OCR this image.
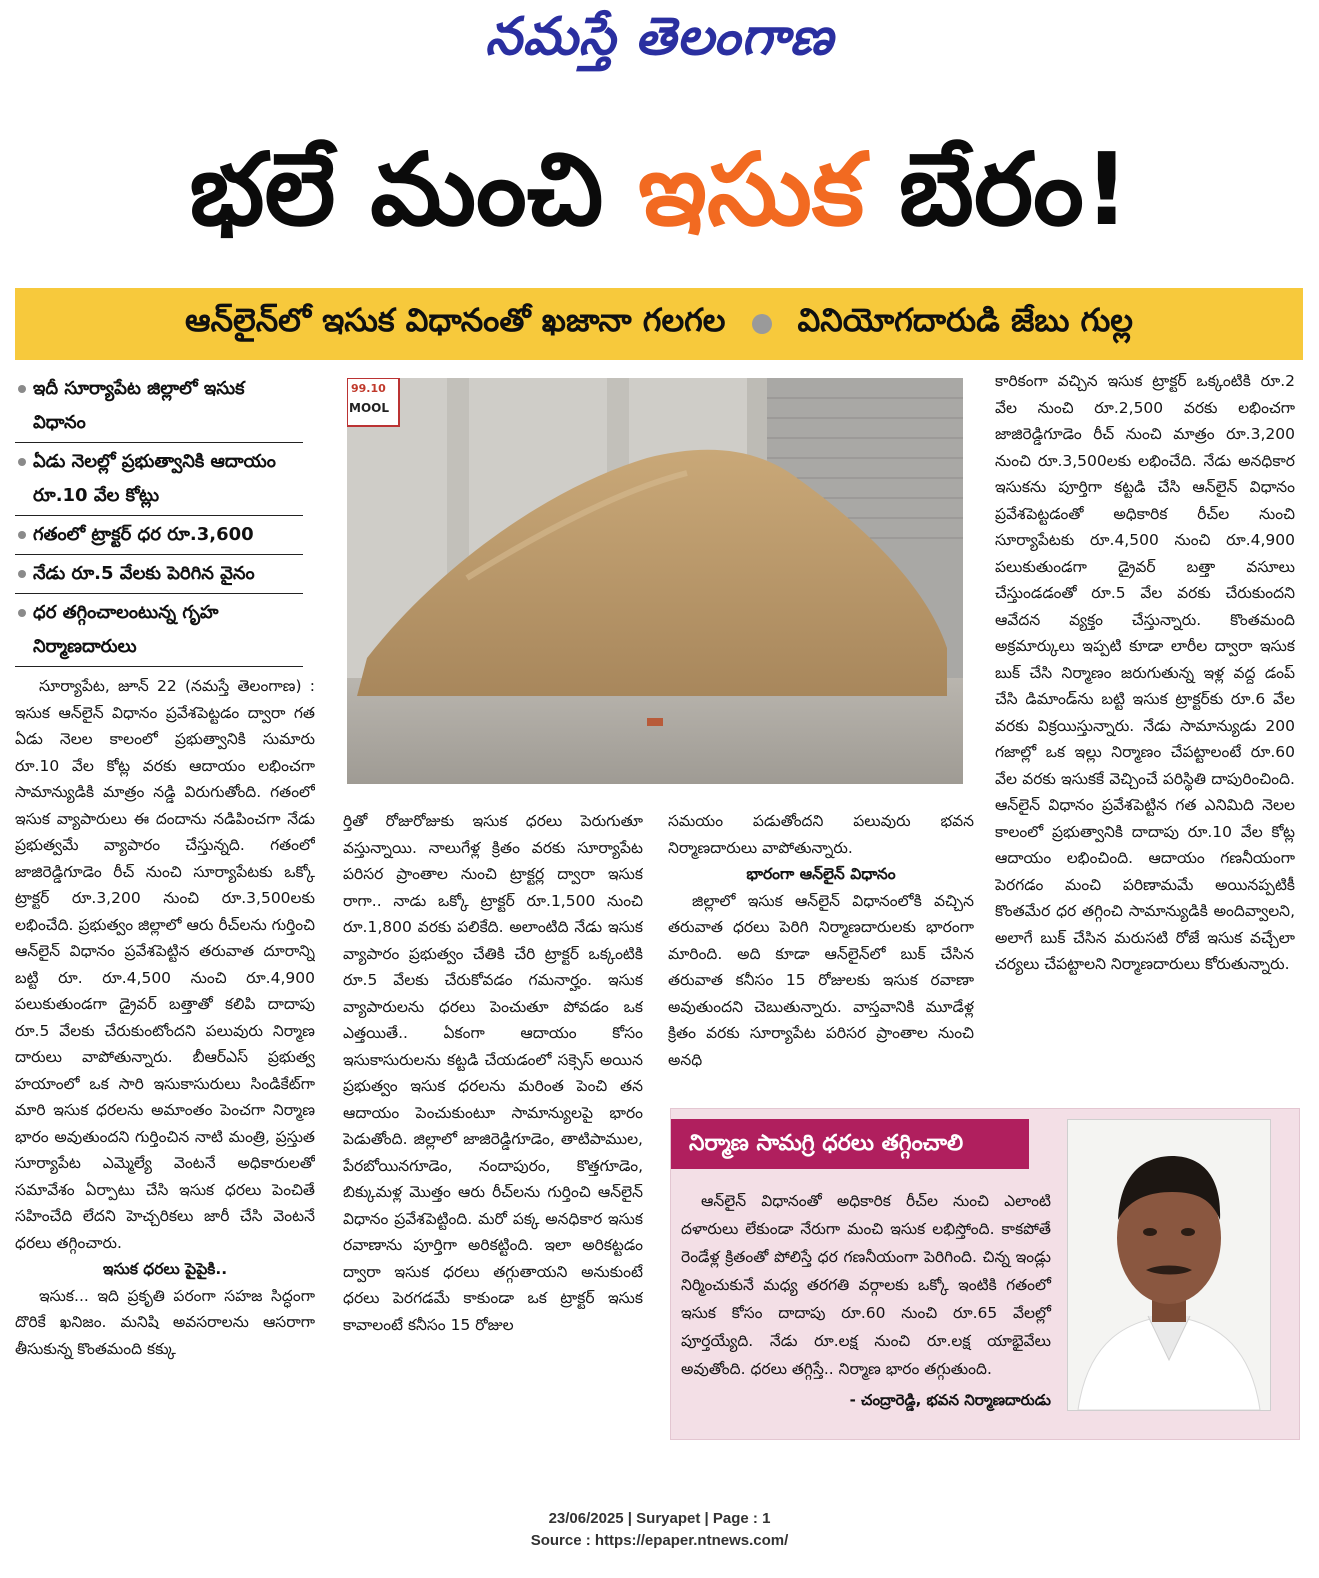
నమస్తే తెలంగాణ
భలే మంచి ఇసుక బేరం!
ఆన్‌లైన్‌లో ఇసుక విధానంతో ఖజానా గలగల వినియోగదారుడి జేబు గుల్ల
ఇదీ సూర్యాపేట జిల్లాలో ఇసుక విధానం
ఏడు నెలల్లో ప్రభుత్వానికి ఆదాయం రూ.10 వేల కోట్లు
గతంలో ట్రాక్టర్ ధర రూ.3,600
నేడు రూ.5 వేలకు పెరిగిన వైనం
ధర తగ్గించాలంటున్న గృహ నిర్మాణదారులు

సూర్యాపేట, జూన్ 22 (నమస్తే తెలంగాణ) : ఇసుక ఆన్‌లైన్ విధానం ప్రవేశపెట్టడం ద్వారా గత ఏడు నెలల కాలంలో ప్రభుత్వానికి సుమారు రూ.10 వేల కోట్ల వరకు ఆదాయం లభించగా సామాన్యుడికి మాత్రం నడ్డి విరుగుతోంది. గతంలో ఇసుక వ్యాపారులు ఈ దందాను నడిపించగా నేడు ప్రభుత్వమే వ్యాపారం చేస్తున్నది. గతంలో జాజిరెడ్డిగూడెం రీచ్ నుంచి సూర్యాపేటకు ఒక్కో ట్రాక్టర్ రూ.3,200 నుంచి రూ.3,500లకు లభించేది. ప్రభుత్వం జిల్లాలో ఆరు రీచ్‌లను గుర్తించి ఆన్‌లైన్ విధానం ప్రవేశపెట్టిన తరువాత దూరాన్ని బట్టి రూ. రూ.4,500 నుంచి రూ.4,900 పలుకుతుండగా డ్రైవర్ బత్తాతో కలిపి దాదాపు రూ.5 వేలకు చేరుకుంటోందని పలువురు నిర్మాణ దారులు వాపోతున్నారు. బీఆర్ఎస్ ప్రభుత్వ హయాంలో ఒక సారి ఇసుకాసురులు సిండికేట్‌గా మారి ఇసుక ధరలను అమాంతం పెంచగా నిర్మాణ భారం అవుతుందని గుర్తించిన నాటి మంత్రి, ప్రస్తుత సూర్యాపేట ఎమ్మెల్యే వెంటనే అధికారులతో సమావేశం ఏర్పాటు చేసి ఇసుక ధరలు పెంచితే సహించేది లేదని హెచ్చరికలు జారీ చేసి వెంటనే ధరలు తగ్గించారు.

ఇసుక ధరలు పైపైకి..

ఇసుక... ఇది ప్రకృతి పరంగా సహజ సిద్ధంగా దొరికే ఖనిజం. మనిషి అవసరాలను ఆసరాగా తీసుకున్న కొంతమంది కక్కు

99.10
MOOL

ర్తితో రోజురోజుకు ఇసుక ధరలు పెరుగుతూ వస్తున్నాయి. నాలుగేళ్ల క్రితం వరకు సూర్యాపేట పరిసర ప్రాంతాల నుంచి ట్రాక్టర్ల ద్వారా ఇసుక రాగా.. నాడు ఒక్కో ట్రాక్టర్ రూ.1,500 నుంచి రూ.1,800 వరకు పలికేది. అలాంటిది నేడు ఇసుక వ్యాపారం ప్రభుత్వం చేతికి చేరి ట్రాక్టర్ ఒక్కంటికి రూ.5 వేలకు చేరుకోవడం గమనార్హం. ఇసుక వ్యాపారులను ధరలు పెంచుతూ పోవడం ఒక ఎత్తయితే.. ఏకంగా ఆదాయం కోసం ఇసుకాసురులను కట్టడి చేయడంలో సక్సెస్ అయిన ప్రభుత్వం ఇసుక ధరలను మరింత పెంచి తన ఆదాయం పెంచుకుంటూ సామాన్యులపై భారం పెడుతోంది. జిల్లాలో జాజిరెడ్డిగూడెం, తాటిపాముల, పేరబోయినగూడెం, నందాపురం, కొత్తగూడెం, బిక్కుమళ్ల మొత్తం ఆరు రీచ్‌లను గుర్తించి ఆన్‌లైన్ విధానం ప్రవేశపెట్టింది. మరో పక్క అనధికార ఇసుక రవాణాను పూర్తిగా అరికట్టింది. ఇలా అరికట్టడం ద్వారా ఇసుక ధరలు తగ్గుతాయని అనుకుంటే ధరలు పెరగడమే కాకుండా ఒక ట్రాక్టర్ ఇసుక కావాలంటే కనీసం 15 రోజుల

సమయం పడుతోందని పలువురు భవన నిర్మాణదారులు వాపోతున్నారు.

భారంగా ఆన్‌లైన్ విధానం

జిల్లాలో ఇసుక ఆన్‌లైన్ విధానంలోకి వచ్చిన తరువాత ధరలు పెరిగి నిర్మాణదారులకు భారంగా మారింది. అది కూడా ఆన్‌లైన్‌లో బుక్ చేసిన తరువాత కనీసం 15 రోజులకు ఇసుక రవాణా అవుతుందని చెబుతున్నారు. వాస్తవానికి మూడేళ్ల క్రితం వరకు సూర్యాపేట పరిసర ప్రాంతాల నుంచి అనధి

కారికంగా వచ్చిన ఇసుక ట్రాక్టర్ ఒక్కంటికి రూ.2 వేల నుంచి రూ.2,500 వరకు లభించగా జాజిరెడ్డిగూడెం రీచ్ నుంచి మాత్రం రూ.3,200 నుంచి రూ.3,500లకు లభించేది. నేడు అనధికార ఇసుకను పూర్తిగా కట్టడి చేసి ఆన్‌లైన్ విధానం ప్రవేశపెట్టడంతో అధికారిక రీచ్‌ల నుంచి సూర్యాపేటకు రూ.4,500 నుంచి రూ.4,900 పలుకుతుండగా డ్రైవర్ బత్తా వసూలు చేస్తుండడంతో రూ.5 వేల వరకు చేరుకుందని ఆవేదన వ్యక్తం చేస్తున్నారు. కొంతమంది అక్రమార్కులు ఇప్పటి కూడా లారీల ద్వారా ఇసుక బుక్ చేసి నిర్మాణం జరుగుతున్న ఇళ్ల వద్ద డంప్ చేసి డిమాండ్‌ను బట్టి ఇసుక ట్రాక్టర్‌కు రూ.6 వేల వరకు విక్రయిస్తున్నారు. నేడు సామాన్యుడు 200 గజాల్లో ఒక ఇల్లు నిర్మాణం చేపట్టాలంటే రూ.60 వేల వరకు ఇసుకకే వెచ్చించే పరిస్థితి దాపురించింది. ఆన్‌లైన్ విధానం ప్రవేశపెట్టిన గత ఎనిమిది నెలల కాలంలో ప్రభుత్వానికి దాదాపు రూ.10 వేల కోట్ల ఆదాయం లభించింది. ఆదాయం గణనీయంగా పెరగడం మంచి పరిణామమే అయినప్పటికీ కొంతమేర ధర తగ్గించి సామాన్యుడికి అందివ్వాలని, అలాగే బుక్ చేసిన మరుసటి రోజే ఇసుక వచ్చేలా చర్యలు చేపట్టాలని నిర్మాణదారులు కోరుతున్నారు.

నిర్మాణ సామగ్రి ధరలు తగ్గించాలి

ఆన్‌లైన్ విధానంతో అధికారిక రీచ్‌ల నుంచి ఎలాంటి దళారులు లేకుండా నేరుగా మంచి ఇసుక లభిస్తోంది. కాకపోతే రెండేళ్ల క్రితంతో పోలిస్తే ధర గణనీయంగా పెరిగింది. చిన్న ఇండ్లు నిర్మించుకునే మధ్య తరగతి వర్గాలకు ఒక్కో ఇంటికి గతంలో ఇసుక కోసం దాదాపు రూ.60 నుంచి రూ.65 వేలల్లో పూర్తయ్యేది. నేడు రూ.లక్ష నుంచి రూ.లక్ష యాభైవేలు అవుతోంది. ధరలు తగ్గిస్తే.. నిర్మాణ భారం తగ్గుతుంది.

- చంద్రారెడ్డి, భవన నిర్మాణదారుడు
23/06/2025 | Suryapet | Page : 1
Source : https://epaper.ntnews.com/
